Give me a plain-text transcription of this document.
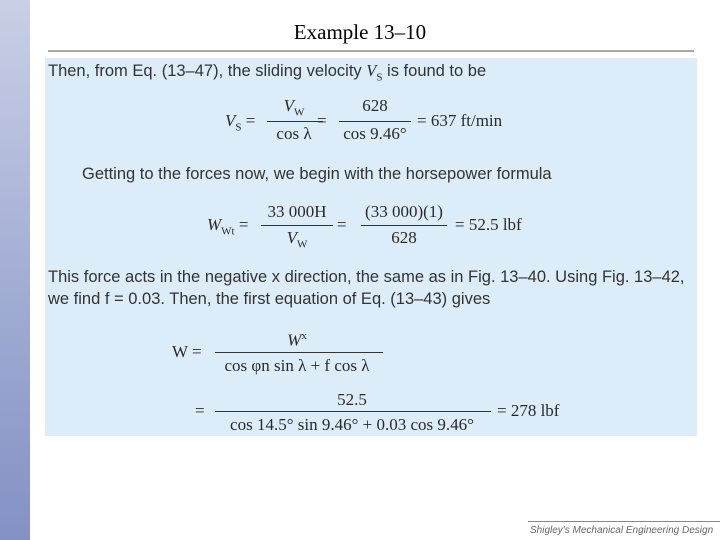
Example 13–10
Then, from Eq. (13–47), the sliding velocity $V_S$ is found to be
$V_S$ =
$V_W$
cos λ
=
628
cos 9.46°
= 637 ft/min
Getting to the forces now, we begin with the horsepower formula
$W_{Wt}$ =
33 000H
$V_W$
=
(33 000)(1)
628
= 52.5 lbf
This force acts in the negative x direction, the same as in Fig. 13–40. Using Fig. 13–42,
we find f = 0.03. Then, the first equation of Eq. (13–43) gives
W =
$W^x$
cos φn sin λ + f cos λ
=
52.5
cos 14.5° sin 9.46° + 0.03 cos 9.46°
= 278 lbf
Shigley's Mechanical Engineering Design
